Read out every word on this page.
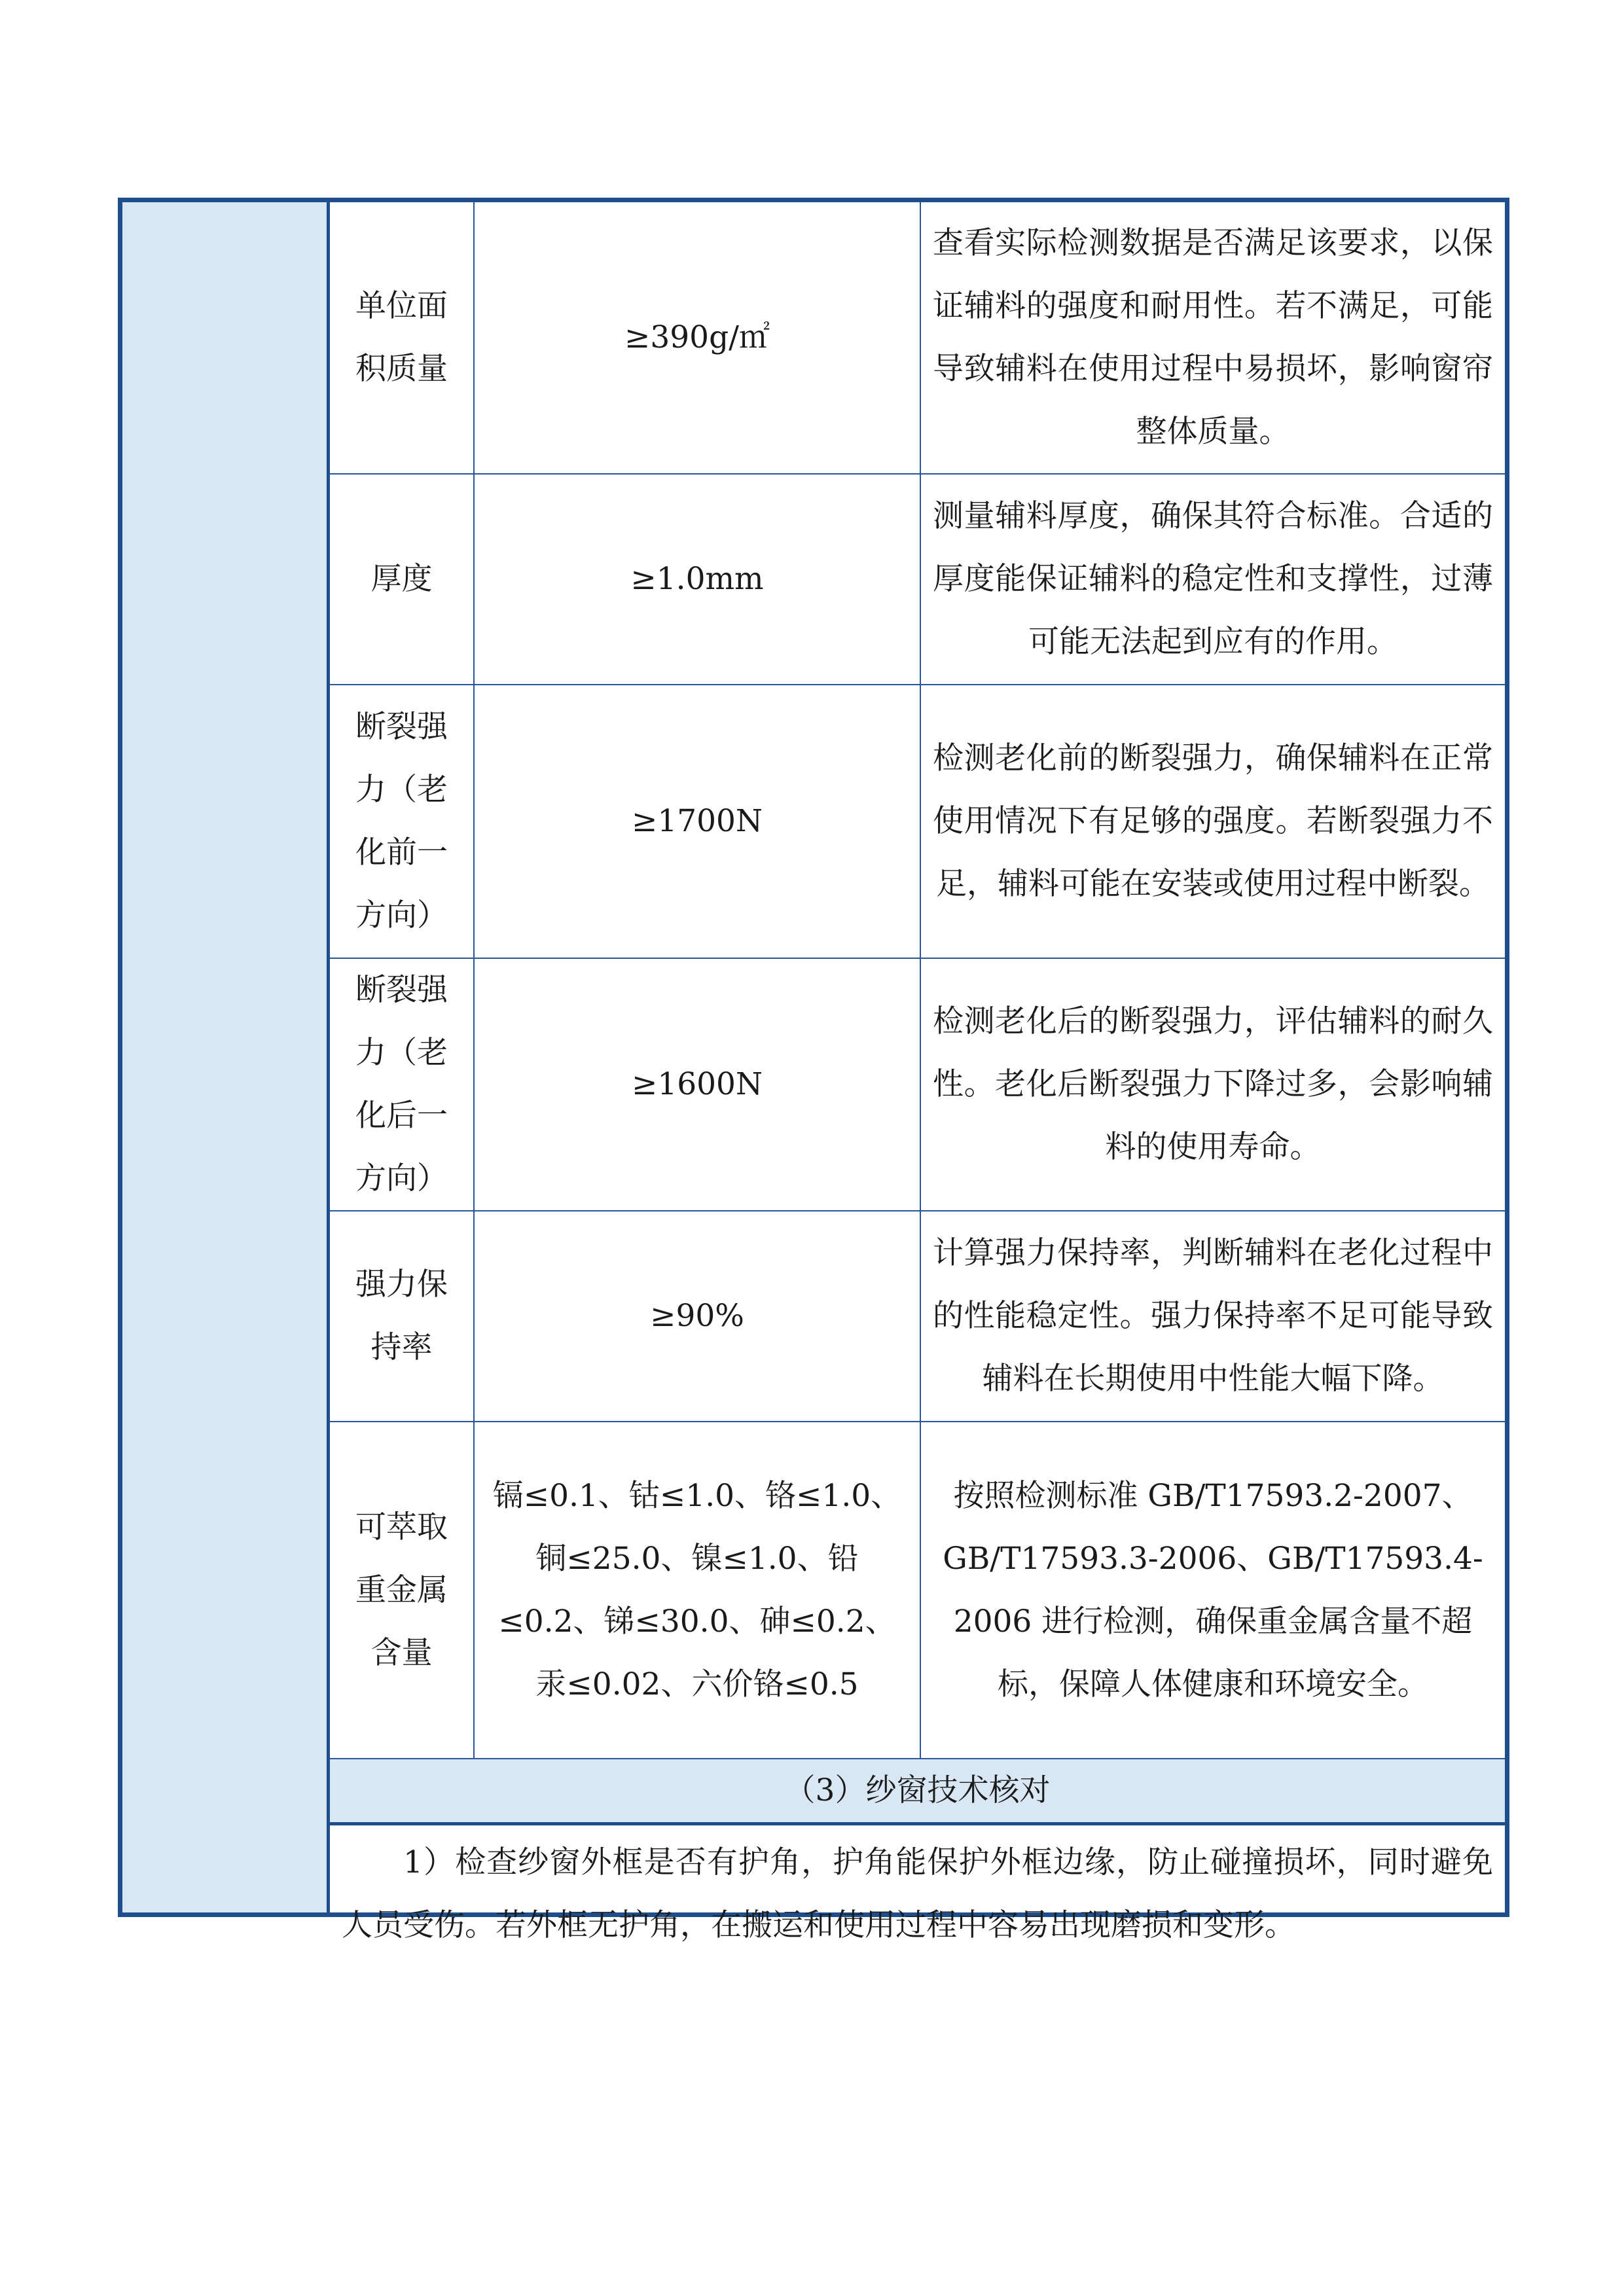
单位面积质量	≥390g/㎡	查看实际检测数据是否满足该要求，以保证辅料的强度和耐用性。若不满足，可能导致辅料在使用过程中易损坏，影响窗帘整体质量。
厚度	≥1.0mm	测量辅料厚度，确保其符合标准。合适的厚度能保证辅料的稳定性和支撑性，过薄可能无法起到应有的作用。
断裂强力（老化前一方向）	≥1700N	检测老化前的断裂强力，确保辅料在正常使用情况下有足够的强度。若断裂强力不足，辅料可能在安装或使用过程中断裂。
断裂强力（老化后一方向）	≥1600N	检测老化后的断裂强力，评估辅料的耐久性。老化后断裂强力下降过多，会影响辅料的使用寿命。
强力保持率	≥90%	计算强力保持率，判断辅料在老化过程中的性能稳定性。强力保持率不足可能导致辅料在长期使用中性能大幅下降。
可萃取重金属含量	镉≤0.1、钴≤1.0、铬≤1.0、铜≤25.0、镍≤1.0、铅≤0.2、锑≤30.0、砷≤0.2、汞≤0.02、六价铬≤0.5	按照检测标准 GB/T17593.2-2007、GB/T17593.3-2006、GB/T17593.4-2006 进行检测，确保重金属含量不超标，保障人体健康和环境安全。
（3）纱窗技术核对		
1）检查纱窗外框是否有护角，护角能保护外框边缘，防止碰撞损坏，同时避免人员受伤。若外框无护角，在搬运和使用过程中容易出现磨损和变形。		
